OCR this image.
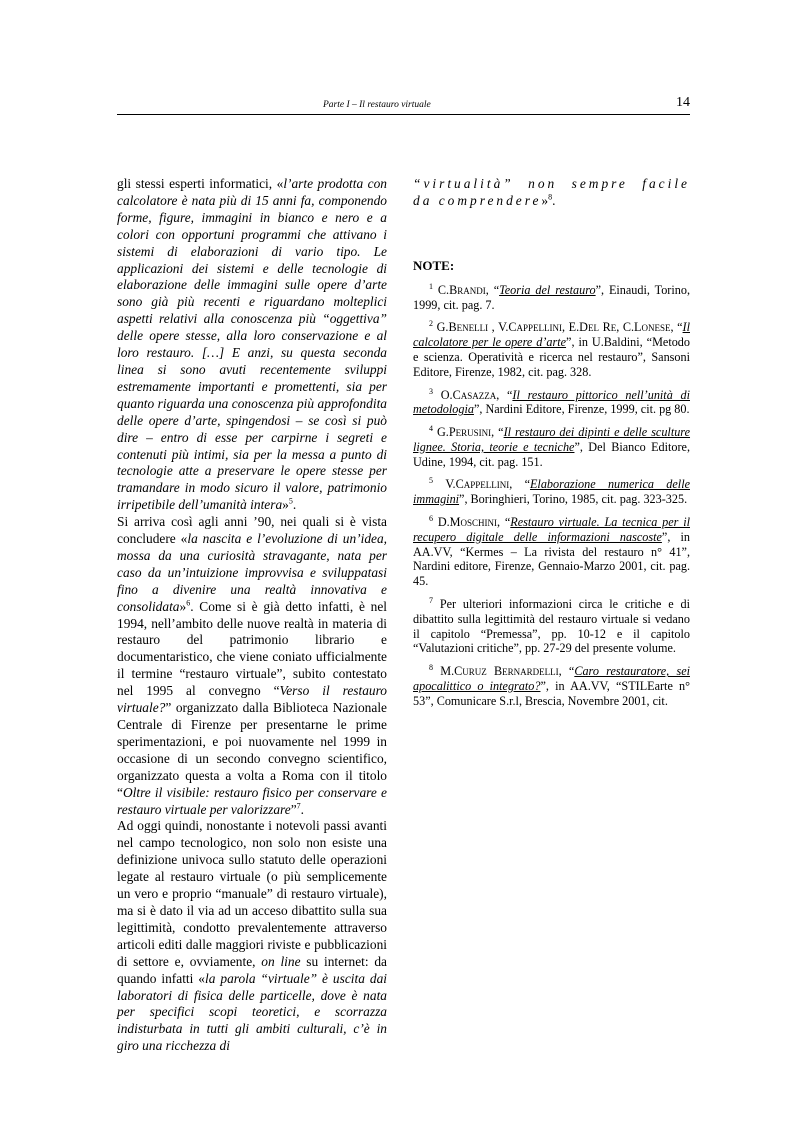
Parte I – Il restauro virtuale	14

gli stessi esperti informatici, «l’arte prodotta con calcolatore è nata più di 15 anni fa, componendo forme, figure, immagini in bianco e nero e a colori con opportuni programmi che attivano i sistemi di elaborazioni di vario tipo. Le applicazioni dei sistemi e delle tecnologie di elaborazione delle immagini sulle opere d’arte sono già più recenti e riguardano molteplici aspetti relativi alla conoscenza più “oggettiva” delle opere stesse, alla loro conservazione e al loro restauro. […] E anzi, su questa seconda linea si sono avuti recentemente sviluppi estremamente importanti e promettenti, sia per quanto riguarda una conoscenza più approfondita delle opere d’arte, spingendosi – se così si può dire – entro di esse per carpirne i segreti e contenuti più intimi, sia per la messa a punto di tecnologie atte a preservare le opere stesse per tramandare in modo sicuro il valore, patrimonio irripetibile dell’umanità intera»$^5$.

Si arriva così agli anni ’90, nei quali si è vista concludere «la nascita e l’evoluzione di un’idea, mossa da una curiosità stravagante, nata per caso da un’intuizione improvvisa e sviluppatasi fino a divenire una realtà innovativa e consolidata»$^6$. Come si è già detto infatti, è nel 1994, nell’ambito delle nuove realtà in materia di restauro del patrimonio librario e documentaristico, che viene coniato ufficialmente il termine “restauro virtuale”, subito contestato nel 1995 al convegno “Verso il restauro virtuale?” organizzato dalla Biblioteca Nazionale Centrale di Firenze per presentarne le prime sperimentazioni, e poi nuovamente nel 1999 in occasione di un secondo convegno scientifico, organizzato questa a volta a Roma con il titolo “Oltre il visibile: restauro fisico per conservare e restauro virtuale per valorizzare”$^7$.

Ad oggi quindi, nonostante i notevoli passi avanti nel campo tecnologico, non solo non esiste una definizione univoca sullo statuto delle operazioni legate al restauro virtuale (o più semplicemente un vero e proprio “manuale” di restauro virtuale), ma si è dato il via ad un acceso dibattito sulla sua legittimità, condotto prevalentemente attraverso articoli editi dalle maggiori riviste e pubblicazioni di settore e, ovviamente, on line su internet: da quando infatti «la parola “virtuale” è uscita dai laboratori di fisica delle particelle, dove è nata per specifici scopi teoretici, e scorrazza indisturbata in tutti gli ambiti culturali, c’è in giro una ricchezza di

“virtualità” non sempre facile da comprendere»$^8$.

NOTE:

$^1$ C.Brandi, “Teoria del restauro”, Einaudi, Torino, 1999, cit. pag. 7.

$^2$ G.Benelli , V.Cappellini, E.Del Re, C.Lonese, “Il calcolatore per le opere d’arte”, in U.Baldini, “Metodo e scienza. Operatività e ricerca nel restauro”, Sansoni Editore, Firenze, 1982, cit. pag. 328.

$^3$ O.Casazza, “Il restauro pittorico nell’unità di metodologia”, Nardini Editore, Firenze, 1999, cit. pg 80.

$^4$ G.Perusini, “Il restauro dei dipinti e delle sculture lignee. Storia, teorie e tecniche”, Del Bianco Editore, Udine, 1994, cit. pag. 151.

$^5$ V.Cappellini, “Elaborazione numerica delle immagini”, Boringhieri, Torino, 1985, cit. pag. 323-325.

$^6$ D.Moschini, “Restauro virtuale. La tecnica per il recupero digitale delle informazioni nascoste”, in AA.VV, “Kermes – La rivista del restauro n° 41”, Nardini editore, Firenze, Gennaio-Marzo 2001, cit. pag. 45.

$^7$ Per ulteriori informazioni circa le critiche e di dibattito sulla legittimità del restauro virtuale si vedano il capitolo “Premessa”, pp. 10-12 e il capitolo “Valutazioni critiche”, pp. 27-29 del presente volume.

$^8$ M.Curuz Bernardelli, “Caro restauratore, sei apocalittico o integrato?”, in AA.VV, “STILEarte n° 53”, Comunicare S.r.l, Brescia, Novembre 2001, cit.
